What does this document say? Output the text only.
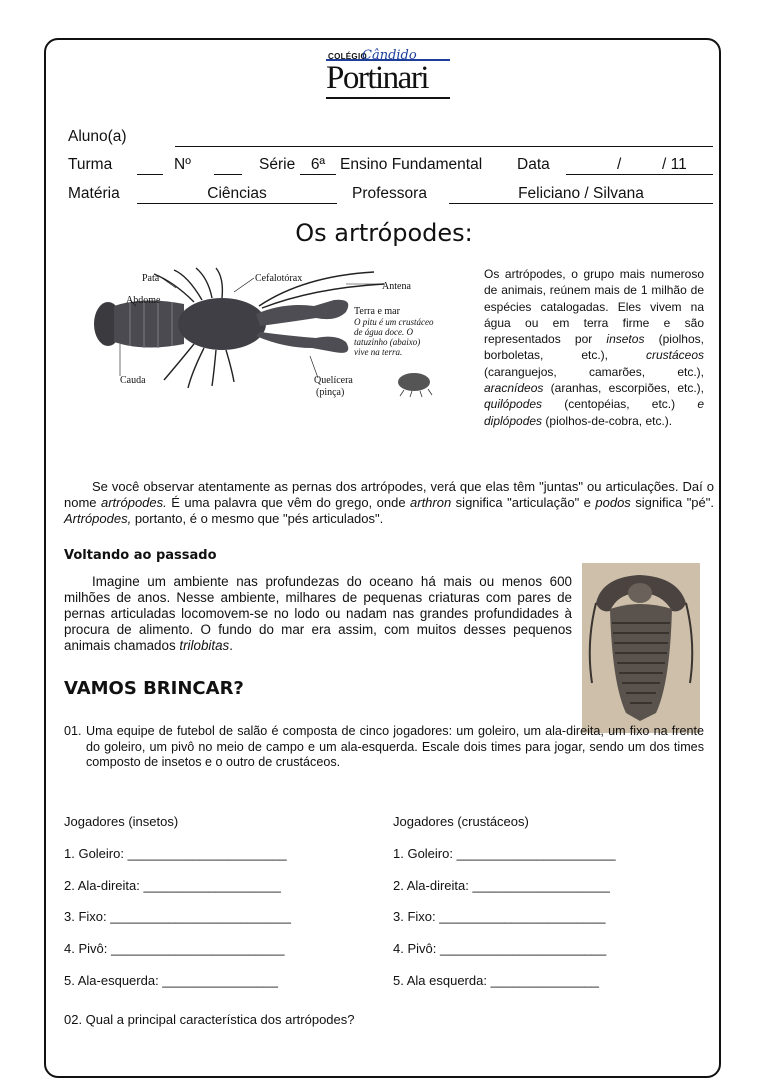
COLÉGIO
Cândido
Portinari
Aluno(a)
Turma	Nº	Série	6ª Ensino Fundamental Data	/	/ 11
Matéria	Ciências	Professora	Feliciano / Silvana
Os artrópodes:
Pata
Abdome
Cefalotórax
Antena
Terra e mar
O pitu é um crustáceo
de água doce. O
tatuzinho (abaixo)
vive na terra.
Cauda	Quelícera
(pinça)
Os artrópodes, o grupo mais numeroso de animais, reúnem mais de 1 milhão de espécies catalogadas. Eles vivem na água ou em terra firme e são representados por insetos (piolhos, borboletas, etc.), crustáceos (caranguejos, camarões, etc.), aracnídeos (aranhas, escorpiões, etc.), quilópodes (centopéias, etc.) e diplópodes (piolhos-de-cobra, etc.).

Se você observar atentamente as pernas dos artrópodes, verá que elas têm "juntas" ou articulações. Daí o nome artrópodes. É uma palavra que vêm do grego, onde arthron significa "articulação" e podos significa "pé". Artrópodes, portanto, é o mesmo que "pés articulados".

Voltando ao passado

Imagine um ambiente nas profundezas do oceano há mais ou menos 600 milhões de anos. Nesse ambiente, milhares de pequenas criaturas com pares de pernas articuladas locomovem-se no lodo ou nadam nas grandes profundidades à procura de alimento. O fundo do mar era assim, com muitos desses pequenos animais chamados trilobitas.

VAMOS BRINCAR?
01. Uma equipe de futebol de salão é composta de cinco jogadores: um goleiro, um ala-direita, um fixo na frente do goleiro, um pivô no meio de campo e um ala-esquerda. Escale dois times para jogar, sendo um dos times composto de insetos e o outro de crustáceos.
Jogadores (insetos)
1. Goleiro: ______________________
2. Ala-direita: ___________________
3. Fixo: _________________________
4. Pivô: ________________________
5. Ala-esquerda: ________________
Jogadores (crustáceos)
1. Goleiro: ______________________
2. Ala-direita: ___________________
3. Fixo: _______________________
4. Pivô: _______________________
5. Ala esquerda: _______________
02. Qual a principal característica dos artrópodes?
